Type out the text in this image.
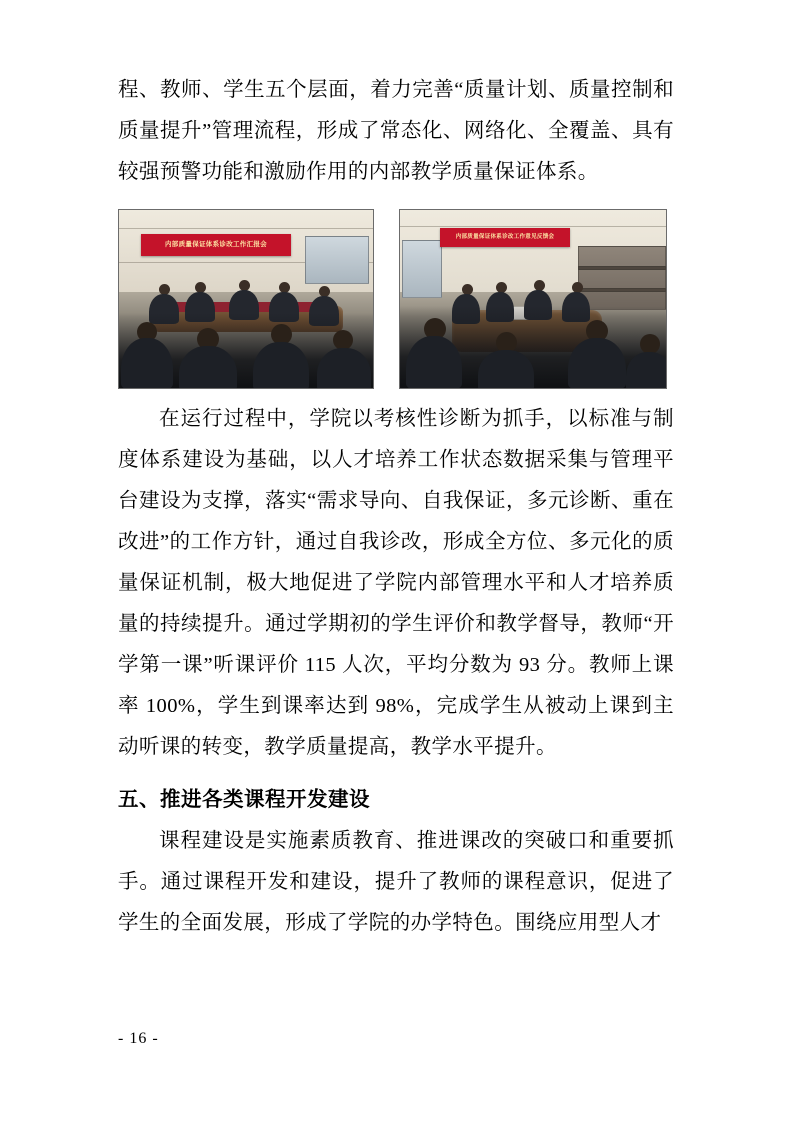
程、教师、学生五个层面，着力完善“质量计划、质量控制和质量提升”管理流程，形成了常态化、网络化、全覆盖、具有较强预警功能和激励作用的内部教学质量保证体系。

内部质量保证体系诊改工作汇报会
内部质量保证体系诊改工作意见反馈会

在运行过程中，学院以考核性诊断为抓手，以标准与制度体系建设为基础，以人才培养工作状态数据采集与管理平台建设为支撑，落实“需求导向、自我保证，多元诊断、重在改进”的工作方针，通过自我诊改，形成全方位、多元化的质量保证机制，极大地促进了学院内部管理水平和人才培养质量的持续提升。通过学期初的学生评价和教学督导，教师“开学第一课”听课评价 115 人次，平均分数为 93 分。教师上课率 100%，学生到课率达到 98%，完成学生从被动上课到主动听课的转变，教学质量提高，教学水平提升。

五、推进各类课程开发建设

课程建设是实施素质教育、推进课改的突破口和重要抓手。通过课程开发和建设，提升了教师的课程意识，促进了学生的全面发展，形成了学院的办学特色。围绕应用型人才

- 16 -
